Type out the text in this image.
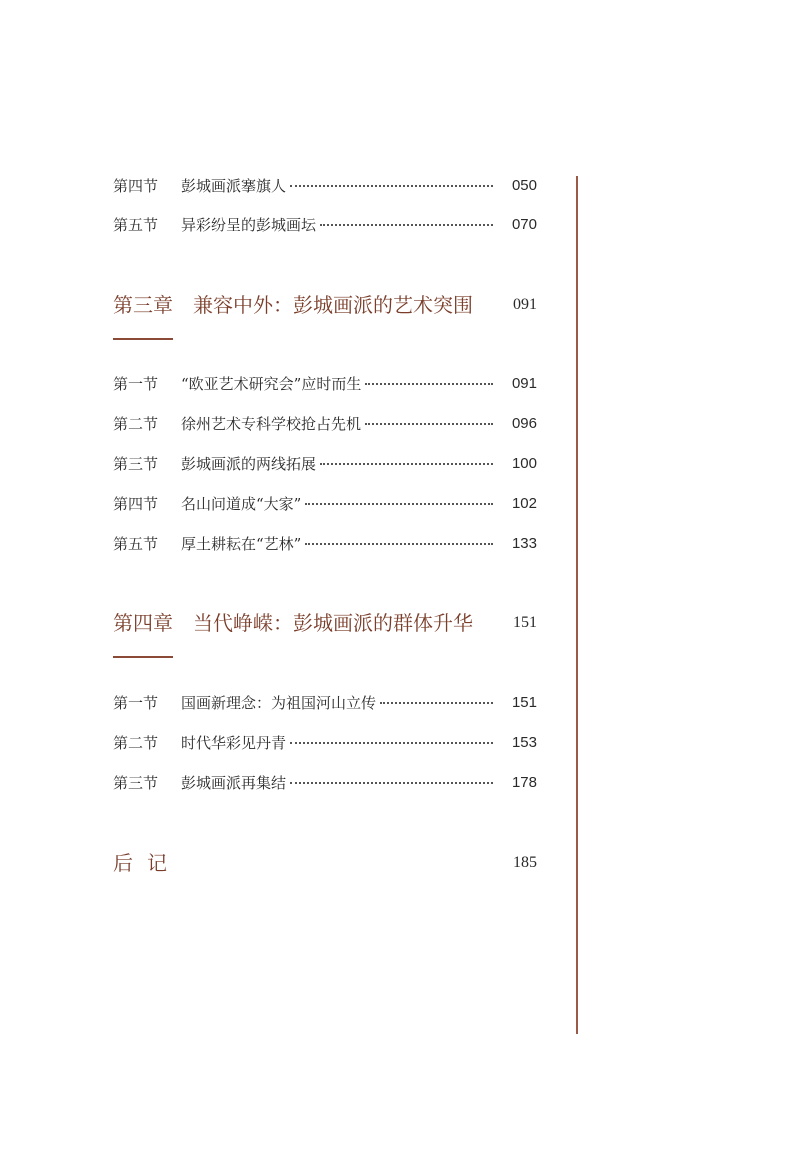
第四节	彭城画派搴旗人	050
第五节	异彩纷呈的彭城画坛	070
第三章 兼容中外：彭城画派的艺术突围	091
第一节	“欧亚艺术研究会”应时而生	091
第二节	徐州艺术专科学校抢占先机	096
第三节	彭城画派的两线拓展	100
第四节	名山问道成“大家”	102
第五节	厚土耕耘在“艺林”	133
第四章 当代峥嵘：彭城画派的群体升华	151
第一节	国画新理念：为祖国河山立传	151
第二节	时代华彩见丹青	153
第三节	彭城画派再集结	178
后记	185
